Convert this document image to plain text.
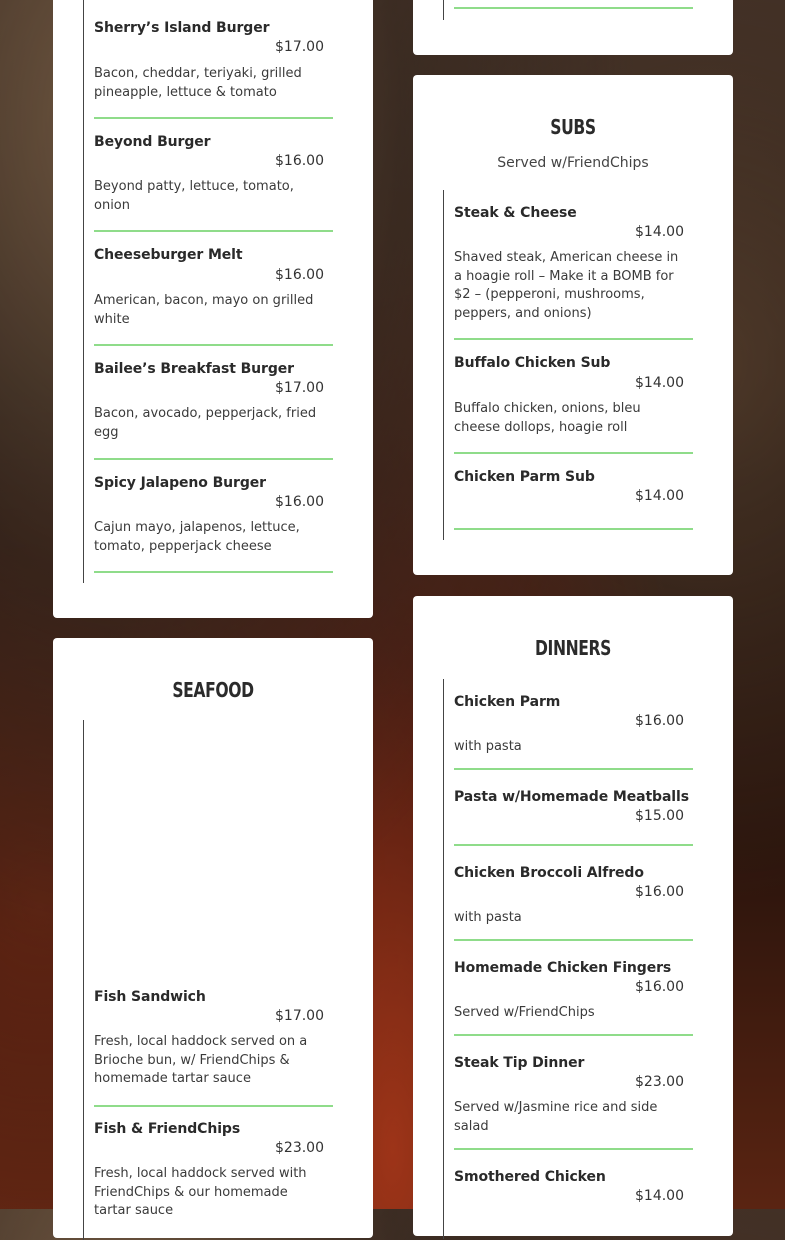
Sherry’s Island Burger
$17.00
Bacon, cheddar, teriyaki, grilled pineapple, lettuce & tomato
Beyond Burger
$16.00
Beyond patty, lettuce, tomato, onion
Cheeseburger Melt
$16.00
American, bacon, mayo on grilled white
Bailee’s Breakfast Burger
$17.00
Bacon, avocado, pepperjack, fried egg
Spicy Jalapeno Burger
$16.00
Cajun mayo, jalapenos, lettuce, tomato, pepperjack cheese
SEAFOOD
Fish Sandwich
$17.00
Fresh, local haddock served on a Brioche bun, w/ FriendChips & homemade tartar sauce
Fish & FriendChips
$23.00
Fresh, local haddock served with FriendChips & our homemade tartar sauce
SUBS
Served w/FriendChips
Steak & Cheese
$14.00
Shaved steak, American cheese in a hoagie roll – Make it a BOMB for $2 – (pepperoni, mushrooms, peppers, and onions)
Buffalo Chicken Sub
$14.00
Buffalo chicken, onions, bleu cheese dollops, hoagie roll
Chicken Parm Sub
$14.00
DINNERS
Chicken Parm
$16.00
with pasta
Pasta w/Homemade Meatballs
$15.00
Chicken Broccoli Alfredo
$16.00
with pasta
Homemade Chicken Fingers
$16.00
Served w/FriendChips
Steak Tip Dinner
$23.00
Served w/Jasmine rice and side salad
Smothered Chicken
$14.00
